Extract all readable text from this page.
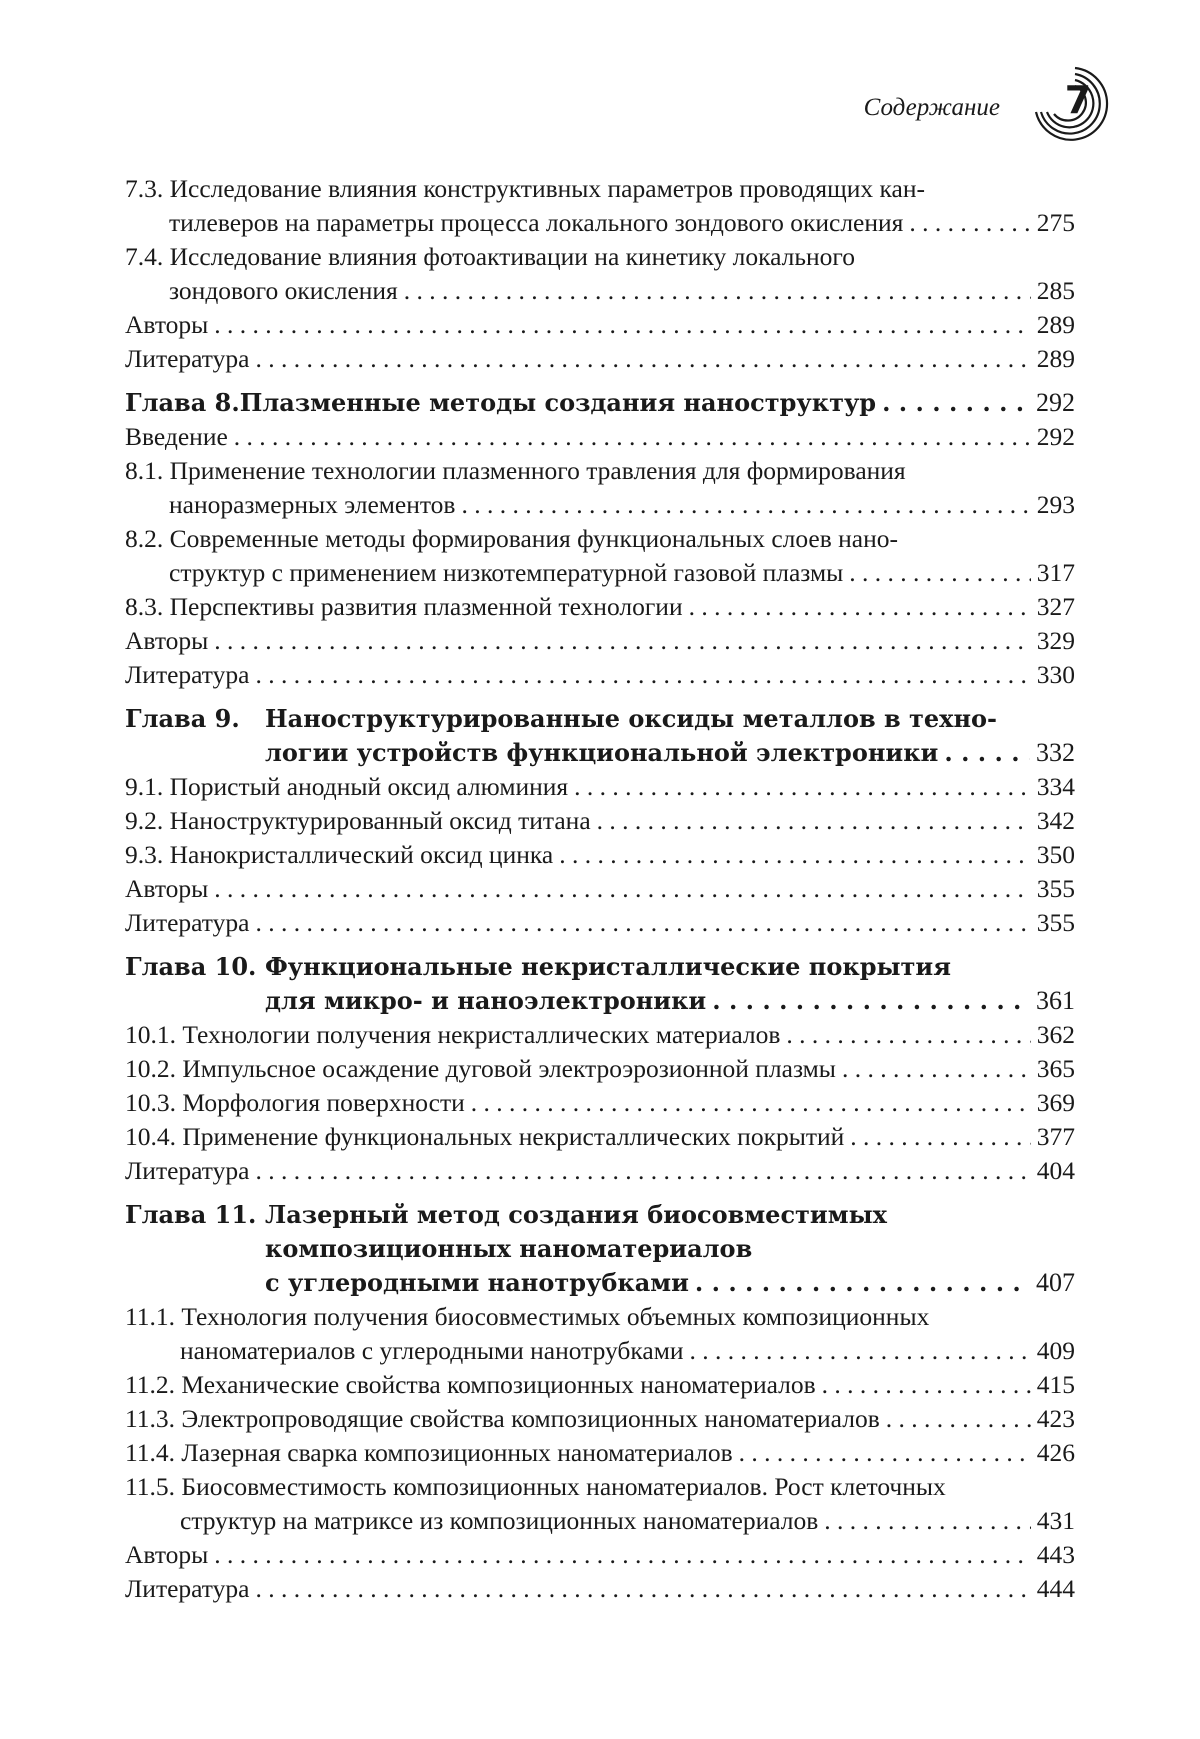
Содержание 7
7.3. Исследование влияния конструктивных параметров проводящих кан-
тилеверов на параметры процесса локального зондового окисления . . .	275
7.4. Исследование влияния фотоактивации на кинетику локального
зондового окисления . . .	285
Авторы . . .	289
Литература . . .	289
Глава 8. Плазменные методы создания наноструктур . . .	292
Введение . . .	292
8.1. Применение технологии плазменного травления для формирования
наноразмерных элементов . . .	293
8.2. Современные методы формирования функциональных слоев нано-
структур с применением низкотемпературной газовой плазмы . . .	317
8.3. Перспективы развития плазменной технологии . . .	327
Авторы . . .	329
Литература . . .	330
Глава 9.	Наноструктурированные оксиды металлов в техно-
логии устройств функциональной электроники . . .	332
9.1. Пористый анодный оксид алюминия . . .	334
9.2. Наноструктурированный оксид титана . . .	342
9.3. Нанокристаллический оксид цинка . . .	350
Авторы . . .	355
Литература . . .	355
Глава 10. Функциональные некристаллические покрытия
для микро- и наноэлектроники . . .	361
10.1. Технологии получения некристаллических материалов . . .	362
10.2. Импульсное осаждение дуговой электроэрозионной плазмы . . .	365
10.3. Морфология поверхности . . .	369
10.4. Применение функциональных некристаллических покрытий . . .	377
Литература . . .	404
Глава 11. Лазерный метод создания биосовместимых
композиционных наноматериалов
с углеродными нанотрубками . . .	407
11.1. Технология получения биосовместимых объемных композиционных
наноматериалов с углеродными нанотрубками . . .	409
11.2. Механические свойства композиционных наноматериалов . . .	415
11.3. Электропроводящие свойства композиционных наноматериалов . . .	423
11.4. Лазерная сварка композиционных наноматериалов . . .	426
11.5. Биосовместимость композиционных наноматериалов. Рост клеточных
структур на матриксе из композиционных наноматериалов . . .	431
Авторы . . .	443
Литература . . .	444
